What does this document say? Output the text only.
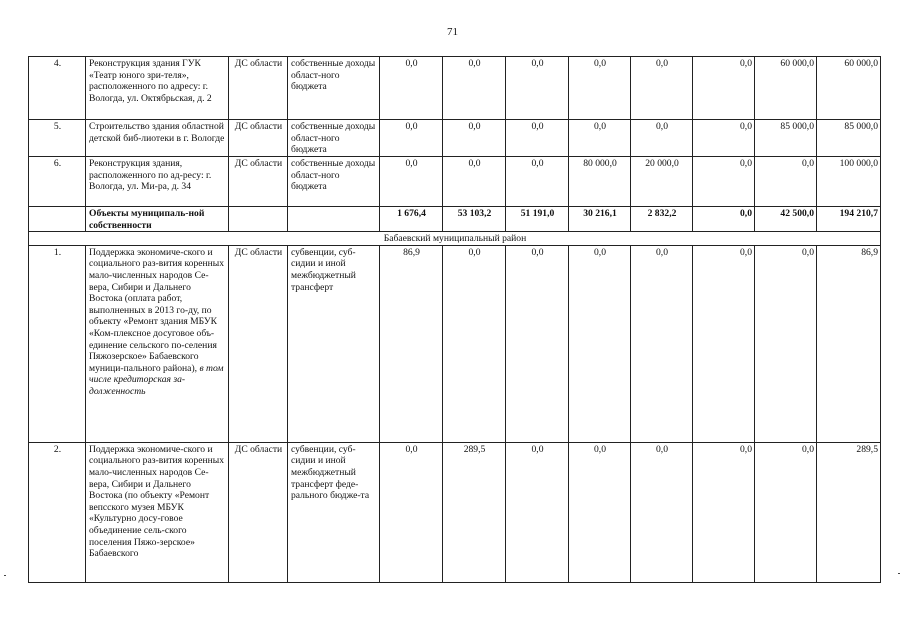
71
4.	Реконструкция здания ГУК «Театр юного зри-теля», расположенного по адресу: г. Вологда, ул. Октябрьская, д. 2	ДС области	собственные доходы област-ного бюджета	0,0	0,0	0,0	0,0	0,0	0,0	60 000,0	60 000,0
5.	Строительство здания областной детской биб-лиотеки в г. Вологде	ДС области	собственные доходы област-ного бюджета	0,0	0,0	0,0	0,0	0,0	0,0	85 000,0	85 000,0
6.	Реконструкция здания, расположенного по ад-ресу: г. Вологда, ул. Ми-ра, д. 34	ДС области	собственные доходы област-ного бюджета	0,0	0,0	0,0	80 000,0	20 000,0	0,0	0,0	100 000,0
	Объекты муниципаль-ной собственности			1 676,4	53 103,2	51 191,0	30 216,1	2 832,2	0,0	42 500,0	194 210,7
Бабаевский муниципальный район											
1.	Поддержка экономиче-ского и социального раз-вития коренных мало-численных народов Се-вера, Сибири и Дальнего Востока (оплата работ, выполненных в 2013 го-ду, по объекту «Ремонт здания МБУК «Ком-плексное досуговое объ-единение сельского по-селения Пяжозерское» Бабаевского муници-пального района), в том числе кредиторская за-долженность	ДС области	субвенции, суб-сидии и иной межбюджетный трансферт	86,9	0,0	0,0	0,0	0,0	0,0	0,0	86,9
2.	Поддержка экономиче-ского и социального раз-вития коренных мало-численных народов Се-вера, Сибири и Дальнего Востока (по объекту «Ремонт вепсского музея МБУК «Культурно досу-говое объединение сель-ского поселения Пяжо-зерское» Бабаевского	ДС области	субвенции, суб-сидии и иной межбюджетный трансферт феде-рального бюдже-та	0,0	289,5	0,0	0,0	0,0	0,0	0,0	289,5
